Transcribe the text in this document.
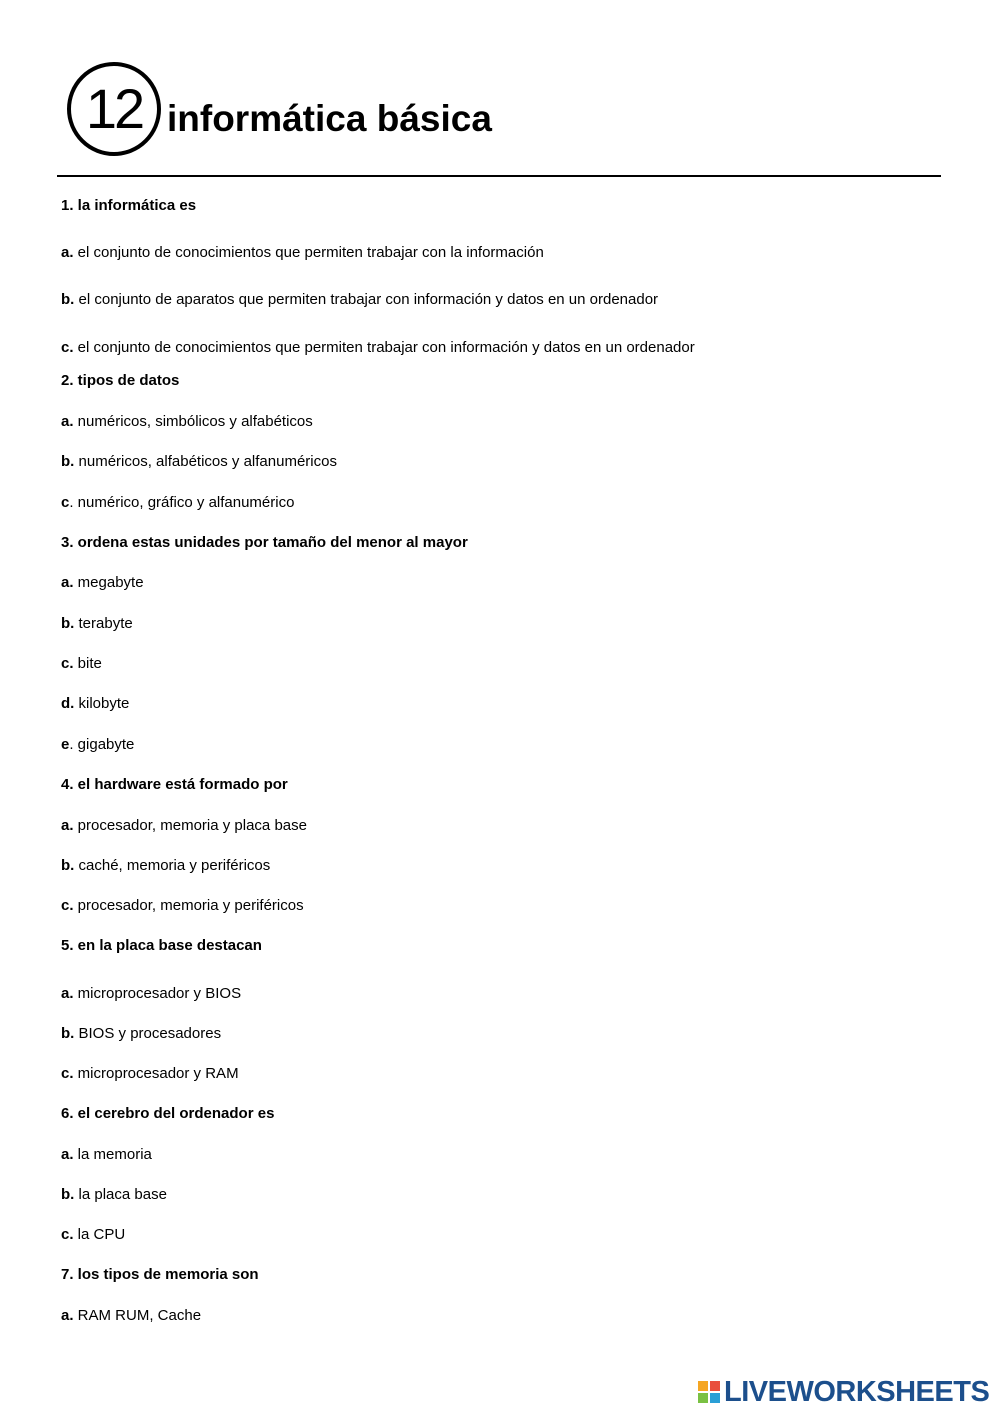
12 informática básica
1. la informática es
a. el conjunto de conocimientos que permiten trabajar con la información
b. el conjunto de aparatos que permiten trabajar con información y datos en un ordenador
c. el conjunto de conocimientos que permiten trabajar con información y datos en un ordenador
2. tipos de datos
a. numéricos, simbólicos y alfabéticos
b. numéricos, alfabéticos y alfanuméricos
c. numérico, gráfico y alfanumérico
3. ordena estas unidades por tamaño del menor al mayor
a. megabyte
b. terabyte
c. bite
d. kilobyte
e. gigabyte
4. el hardware está formado por
a. procesador, memoria y placa base
b. caché, memoria y periféricos
c. procesador, memoria y periféricos
5. en la placa base destacan
a. microprocesador y BIOS
b. BIOS y procesadores
c. microprocesador y RAM
6. el cerebro del ordenador es
a. la memoria
b. la placa base
c. la CPU
7. los tipos de memoria son
a. RAM RUM, Cache
LIVEWORKSHEETS
